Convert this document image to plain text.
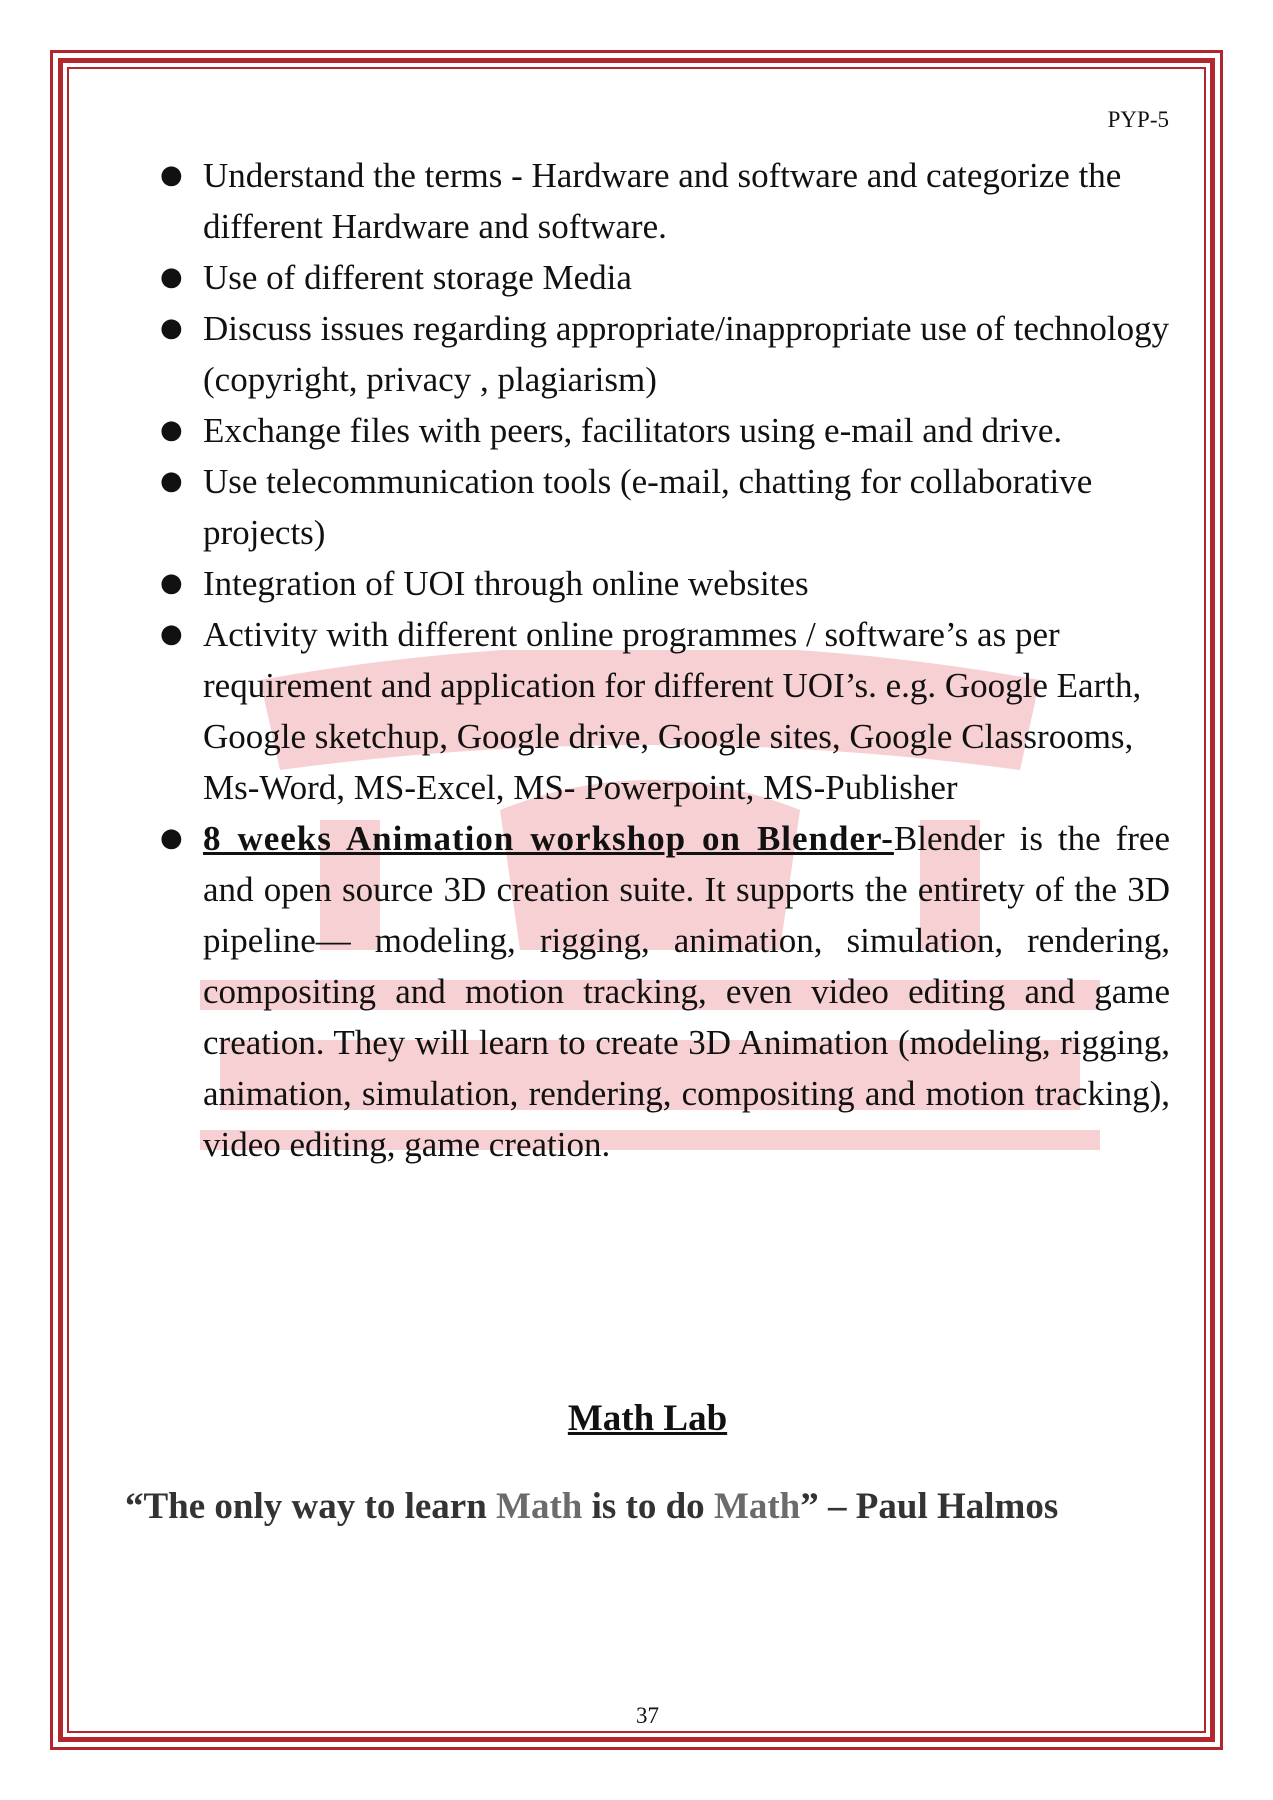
PYP-5
● Understand the terms - Hardware and software and categorize the different Hardware and software.
● Use of different storage Media
● Discuss issues regarding appropriate/inappropriate use of technology (copyright, privacy , plagiarism)
● Exchange files with peers, facilitators using e-mail and drive.
● Use telecommunication tools (e-mail, chatting for collaborative projects)
● Integration of UOI through online websites
● Activity with different online programmes / software’s as per requirement and application for different UOI’s. e.g. Google Earth, Google sketchup, Google drive, Google sites, Google Classrooms, Ms-Word, MS-Excel, MS- Powerpoint, MS-Publisher
● 8 weeks Animation workshop on Blender-Blender is the free and open source 3D creation suite. It supports the entirety of the 3D pipeline— modeling, rigging, animation, simulation, rendering, compositing and motion tracking, even video editing and game creation. They will learn to create 3D Animation (modeling, rigging, animation, simulation, rendering, compositing and motion tracking), video editing, game creation.
Math Lab
“The only way to learn Math is to do Math” – Paul Halmos
37
